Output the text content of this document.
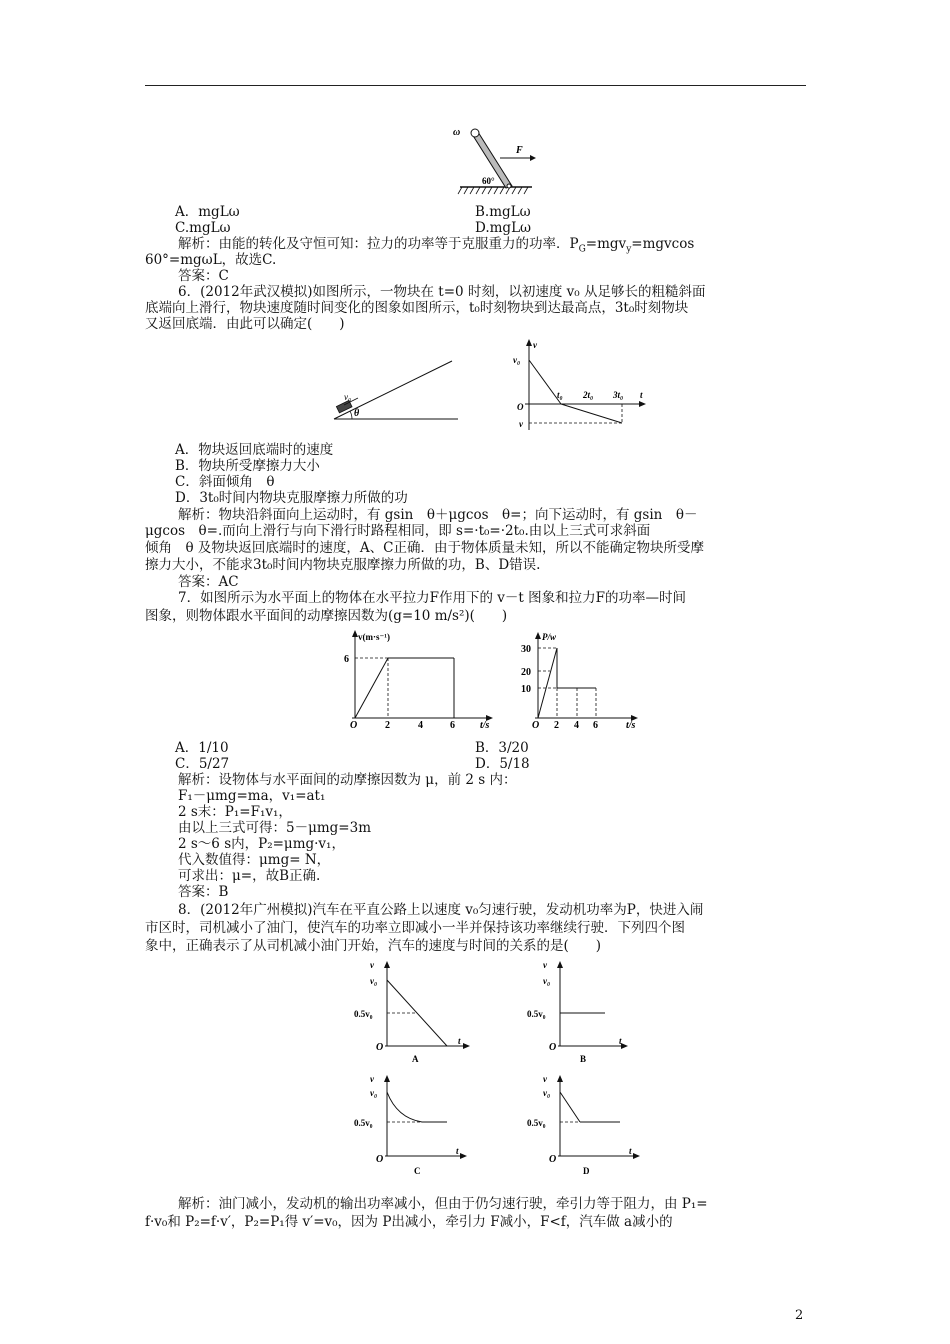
ω
F
60°
A．mgLω	B.mgLω
C.mgLω	D.mgLω
解析：由能的转化及守恒可知：拉力的功率等于克服重力的功率．$P_G=mgv_y=mgvcos$
60°=mgωL，故选C.
答案：C
6．(2012年武汉模拟)如图所示，一物块在 t=0 时刻，以初速度 v₀ 从足够长的粗糙斜面
底端向上滑行，物块速度随时间变化的图象如图所示，t₀时刻物块到达最高点，3t₀时刻物块
又返回底端．由此可以确定(　　)
v₀
θ
v
v₀
O
t₀ 2t₀ 3t₀ t
v
A．物块返回底端时的速度
B．物块所受摩擦力大小
C．斜面倾角　θ
D．3t₀时间内物块克服摩擦力所做的功
解析：物块沿斜面向上运动时，有 gsin　θ＋μgcos　θ=；向下运动时，有 gsin　θ－
μgcos　θ=.而向上滑行与向下滑行时路程相同，即 s=·t₀=·2t₀.由以上三式可求斜面
倾角　θ 及物块返回底端时的速度，A、C正确．由于物体质量未知，所以不能确定物块所受摩
擦力大小，不能求3t₀时间内物块克服摩擦力所做的功，B、D错误.
答案：AC
7．如图所示为水平面上的物体在水平拉力F作用下的 v－t 图象和拉力F的功率—时间
图象，则物体跟水平面间的动摩擦因数为(g=10 m/s²)(　　)
v(m·s⁻¹)
6
O	2	4	6	t/s
P/w
30
20
10
O 2 4 6	t/s
A．1/10	B．3/20
C．5/27	D．5/18
解析：设物体与水平面间的动摩擦因数为 μ，前 2 s 内：
F₁－μmg=ma，v₁=at₁
2 s末：P₁=F₁v₁，
由以上三式可得：5－μmg=3m
2 s～6 s内，P₂=μmg·v₁，
代入数值得：μmg= N，
可求出：μ=，故B正确.
答案：B
8．(2012年广州模拟)汽车在平直公路上以速度 v₀匀速行驶，发动机功率为P，快进入闹
市区时，司机减小了油门，使汽车的功率立即减小一半并保持该功率继续行驶．下列四个图
象中，正确表示了从司机减小油门开始，汽车的速度与时间的关系的是(　　)
v
v₀
0.5v₀
O
t
A
v
v₀
0.5v₀
O
t
B
v
v₀
0.5v₀
O
t
C
v
v₀
0.5v₀
O
t
D
解析：油门减小，发动机的输出功率减小，但由于仍匀速行驶，牵引力等于阻力，由 P₁=
f·v₀和 P₂=f·v′，P₂=P₁得 v′=v₀，因为 P出减小，牵引力 F减小，F<f，汽车做 a减小的
2
